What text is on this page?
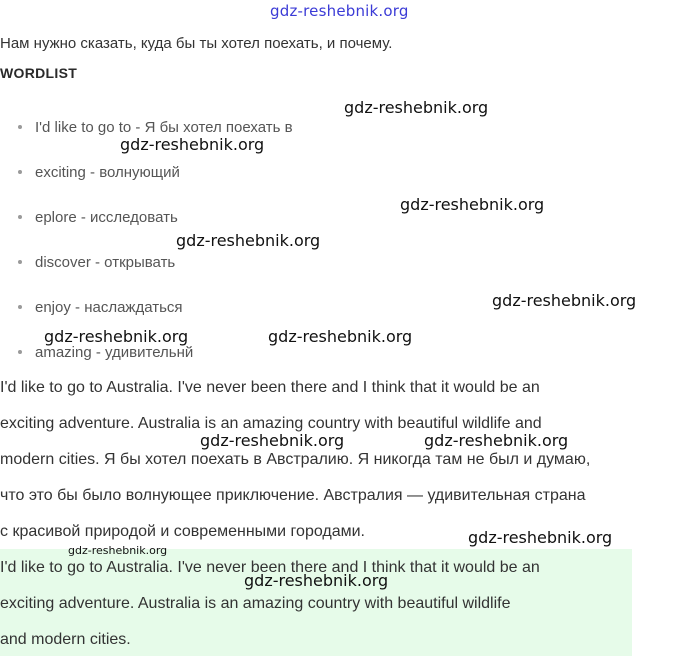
gdz-reshebnik.org
Нам нужно сказать, куда бы ты хотел поехать, и почему.
WORDLIST
I'd like to go to - Я бы хотел поехать в
exciting - волнующий
eplore - исследовать
discover - открывать
enjoy - наслаждаться
amazing - удивительнй
I'd like to go to Australia. I've never been there and I think that it would be an
exciting adventure. Australia is an amazing country with beautiful wildlife and
modern cities. Я бы хотел поехать в Австралию. Я никогда там не был и думаю,
что это бы было волнующее приключение. Австралия — удивительная страна
с красивой природой и современными городами.
I'd like to go to Australia. I've never been there and I think that it would be an
exciting adventure. Australia is an amazing country with beautiful wildlife
and modern cities.
gdz-reshebnik.org
gdz-reshebnik.org
gdz-reshebnik.org
gdz-reshebnik.org
gdz-reshebnik.org
gdz-reshebnik.org	gdz-reshebnik.org
gdz-reshebnik.org	gdz-reshebnik.org
gdz-reshebnik.org
gdz-reshebnik.org
gdz-reshebnik.org
